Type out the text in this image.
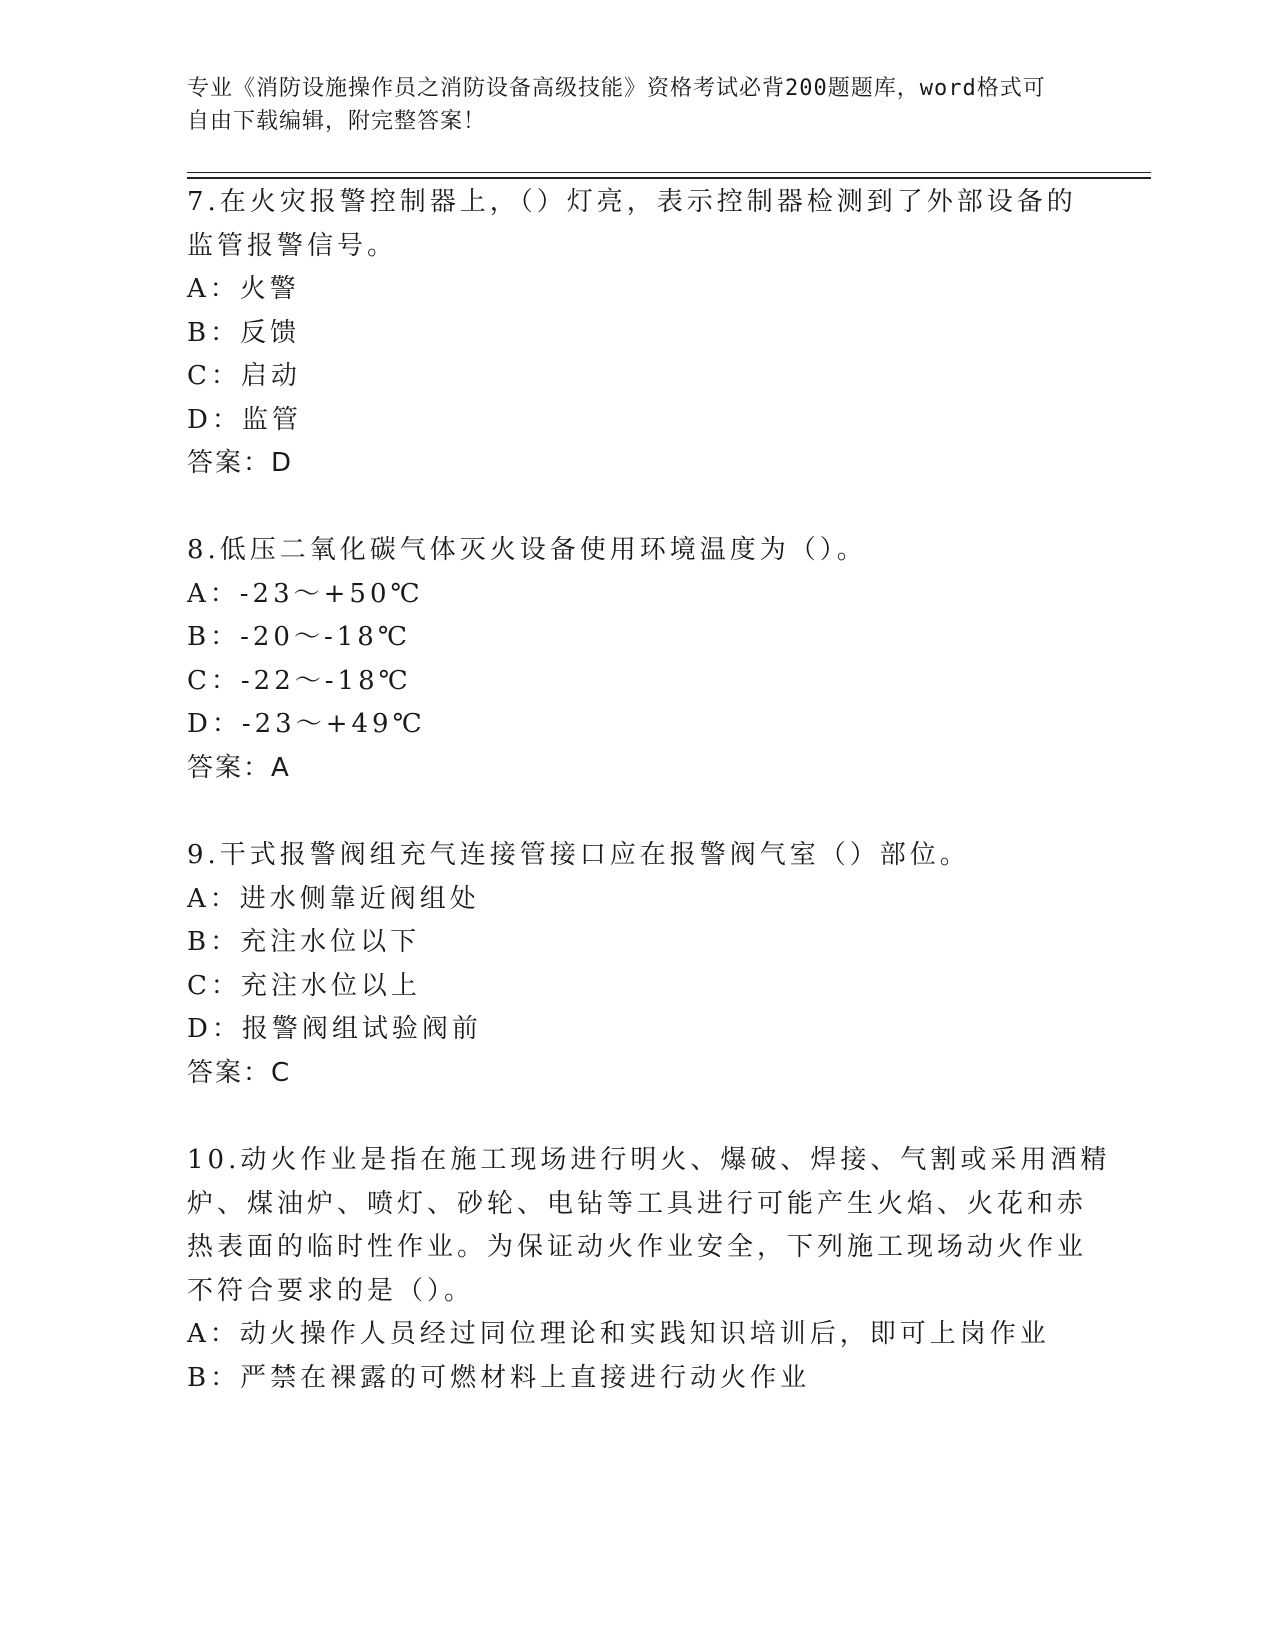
专业《消防设施操作员之消防设备高级技能》资格考试必背200题题库，word格式可自由下载编辑，附完整答案！
7.在火灾报警控制器上，（）灯亮，表示控制器检测到了外部设备的
监管报警信号。
A：火警
B：反馈
C：启动
D：监管
答案：D
8.低压二氧化碳气体灭火设备使用环境温度为（）。
A：-23～+50℃
B：-20～-18℃
C：-22～-18℃
D：-23～+49℃
答案：A
9.干式报警阀组充气连接管接口应在报警阀气室（）部位。
A：进水侧靠近阀组处
B：充注水位以下
C：充注水位以上
D：报警阀组试验阀前
答案：C
10.动火作业是指在施工现场进行明火、爆破、焊接、气割或采用酒精
炉、煤油炉、喷灯、砂轮、电钻等工具进行可能产生火焰、火花和赤
热表面的临时性作业。为保证动火作业安全，下列施工现场动火作业
不符合要求的是（）。
A：动火操作人员经过同位理论和实践知识培训后，即可上岗作业
B：严禁在裸露的可燃材料上直接进行动火作业
